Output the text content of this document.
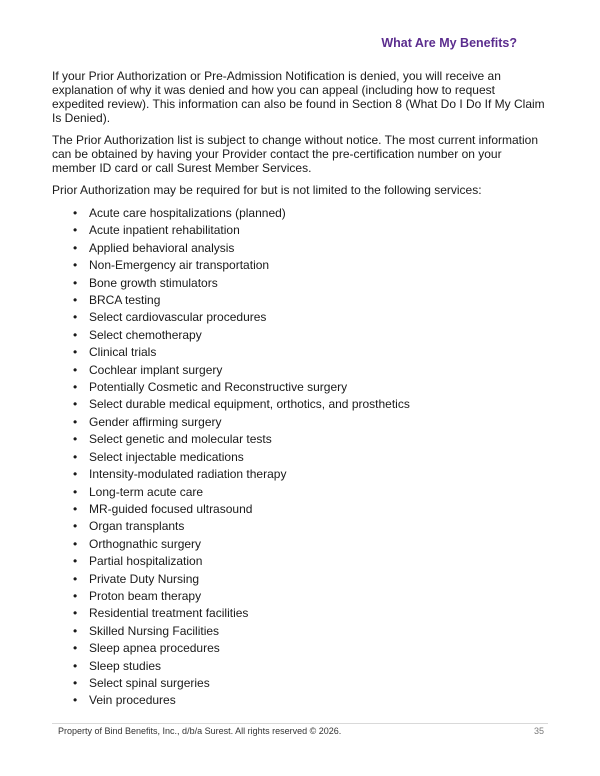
What Are My Benefits?

If your Prior Authorization or Pre-Admission Notification is denied, you will receive an explanation of why it was denied and how you can appeal (including how to request expedited review). This information can also be found in Section 8 (What Do I Do If My Claim Is Denied).

The Prior Authorization list is subject to change without notice. The most current information can be obtained by having your Provider contact the pre-certification number on your member ID card or call Surest Member Services.

Prior Authorization may be required for but is not limited to the following services:

• Acute care hospitalizations (planned)
• Acute inpatient rehabilitation
• Applied behavioral analysis
• Non-Emergency air transportation
• Bone growth stimulators
• BRCA testing
• Select cardiovascular procedures
• Select chemotherapy
• Clinical trials
• Cochlear implant surgery
• Potentially Cosmetic and Reconstructive surgery
• Select durable medical equipment, orthotics, and prosthetics
• Gender affirming surgery
• Select genetic and molecular tests
• Select injectable medications
• Intensity-modulated radiation therapy
• Long-term acute care
• MR-guided focused ultrasound
• Organ transplants
• Orthognathic surgery
• Partial hospitalization
• Private Duty Nursing
• Proton beam therapy
• Residential treatment facilities
• Skilled Nursing Facilities
• Sleep apnea procedures
• Sleep studies
• Select spinal surgeries
• Vein procedures
Property of Bind Benefits, Inc., d/b/a Surest. All rights reserved © 2026.	35
